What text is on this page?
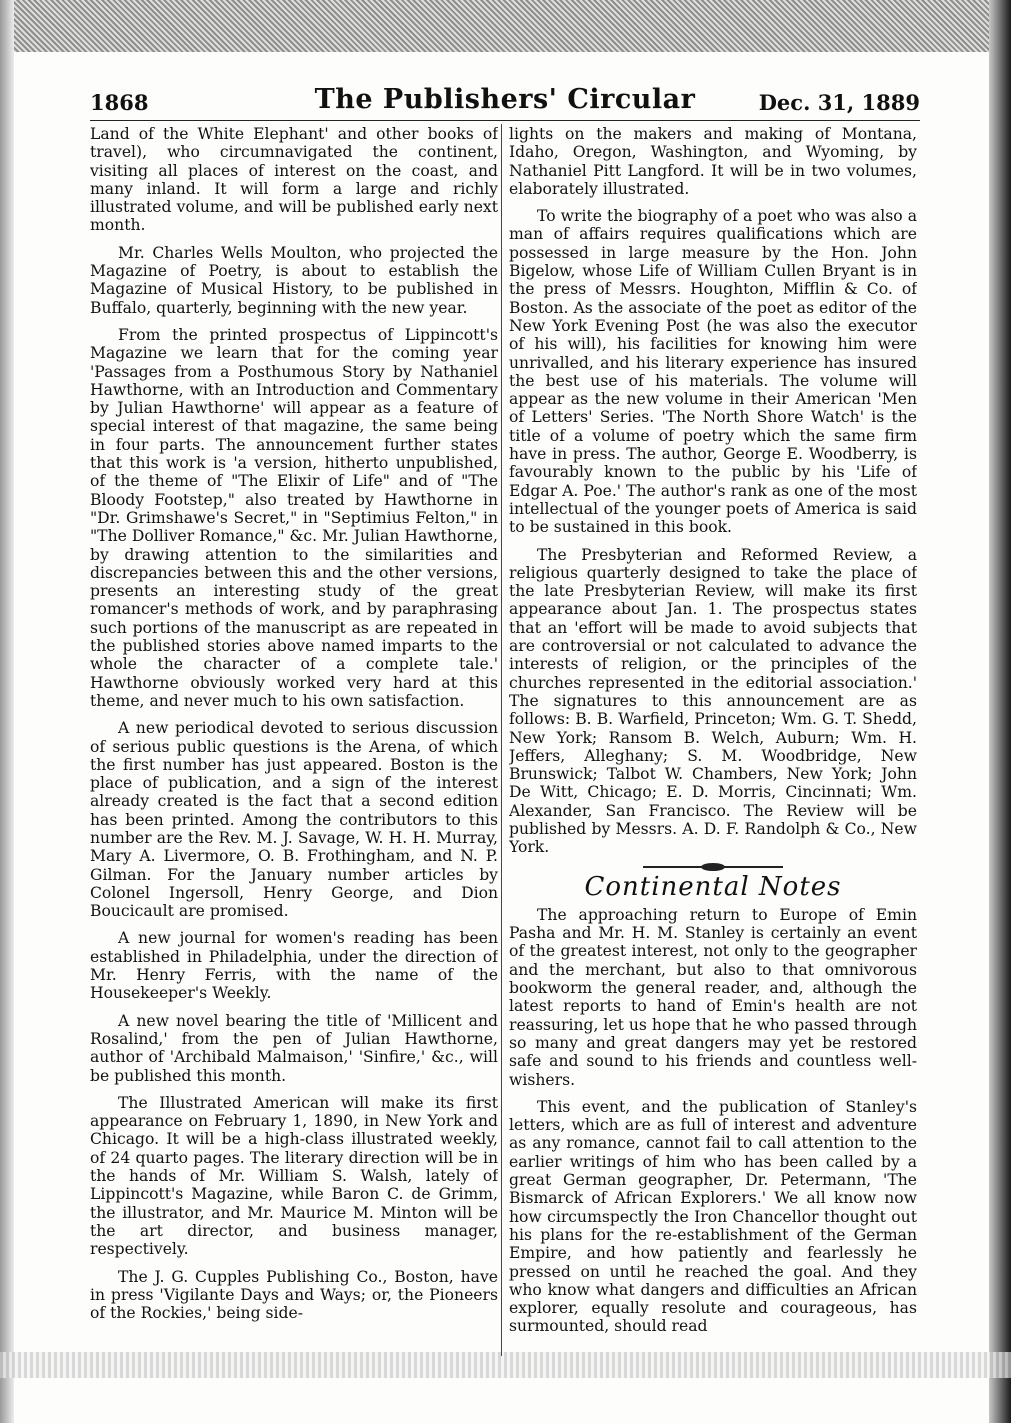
1868	The Publishers' Circular	Dec. 31, 1889

Land of the White Elephant' and other books of travel), who circumnavigated the continent, visiting all places of interest on the coast, and many inland. It will form a large and richly illustrated volume, and will be published early next month.

Mr. Charles Wells Moulton, who projected the Magazine of Poetry, is about to establish the Magazine of Musical History, to be published in Buffalo, quarterly, beginning with the new year.

From the printed prospectus of Lippincott's Magazine we learn that for the coming year 'Passages from a Posthumous Story by Nathaniel Hawthorne, with an Introduction and Commentary by Julian Hawthorne' will appear as a feature of special interest of that magazine, the same being in four parts. The announcement further states that this work is 'a version, hitherto unpublished, of the theme of "The Elixir of Life" and of "The Bloody Footstep," also treated by Hawthorne in "Dr. Grimshawe's Secret," in "Septimius Felton," in "The Dolliver Romance," &c. Mr. Julian Hawthorne, by drawing attention to the similarities and discrepancies between this and the other versions, presents an interesting study of the great romancer's methods of work, and by paraphrasing such portions of the manuscript as are repeated in the published stories above named imparts to the whole the character of a complete tale.' Hawthorne obviously worked very hard at this theme, and never much to his own satisfaction.

A new periodical devoted to serious discussion of serious public questions is the Arena, of which the first number has just appeared. Boston is the place of publication, and a sign of the interest already created is the fact that a second edition has been printed. Among the contributors to this number are the Rev. M. J. Savage, W. H. H. Murray, Mary A. Livermore, O. B. Frothingham, and N. P. Gilman. For the January number articles by Colonel Ingersoll, Henry George, and Dion Boucicault are promised.

A new journal for women's reading has been established in Philadelphia, under the direction of Mr. Henry Ferris, with the name of the Housekeeper's Weekly.

A new novel bearing the title of 'Millicent and Rosalind,' from the pen of Julian Hawthorne, author of 'Archibald Malmaison,' 'Sinfire,' &c., will be published this month.

The Illustrated American will make its first appearance on February 1, 1890, in New York and Chicago. It will be a high-class illustrated weekly, of 24 quarto pages. The literary direction will be in the hands of Mr. William S. Walsh, lately of Lippincott's Magazine, while Baron C. de Grimm, the illustrator, and Mr. Maurice M. Minton will be the art director, and business manager, respectively.

The J. G. Cupples Publishing Co., Boston, have in press 'Vigilante Days and Ways; or, the Pioneers of the Rockies,' being side-

lights on the makers and making of Montana, Idaho, Oregon, Washington, and Wyoming, by Nathaniel Pitt Langford. It will be in two volumes, elaborately illustrated.

To write the biography of a poet who was also a man of affairs requires qualifications which are possessed in large measure by the Hon. John Bigelow, whose Life of William Cullen Bryant is in the press of Messrs. Houghton, Mifflin & Co. of Boston. As the associate of the poet as editor of the New York Evening Post (he was also the executor of his will), his facilities for knowing him were unrivalled, and his literary experience has insured the best use of his materials. The volume will appear as the new volume in their American 'Men of Letters' Series. 'The North Shore Watch' is the title of a volume of poetry which the same firm have in press. The author, George E. Woodberry, is favourably known to the public by his 'Life of Edgar A. Poe.' The author's rank as one of the most intellectual of the younger poets of America is said to be sustained in this book.

The Presbyterian and Reformed Review, a religious quarterly designed to take the place of the late Presbyterian Review, will make its first appearance about Jan. 1. The prospectus states that an 'effort will be made to avoid subjects that are controversial or not calculated to advance the interests of religion, or the principles of the churches represented in the editorial association.' The signatures to this announcement are as follows: B. B. Warfield, Princeton; Wm. G. T. Shedd, New York; Ransom B. Welch, Auburn; Wm. H. Jeffers, Alleghany; S. M. Woodbridge, New Brunswick; Talbot W. Chambers, New York; John De Witt, Chicago; E. D. Morris, Cincinnati; Wm. Alexander, San Francisco. The Review will be published by Messrs. A. D. F. Randolph & Co., New York.

Continental Notes

The approaching return to Europe of Emin Pasha and Mr. H. M. Stanley is certainly an event of the greatest interest, not only to the geographer and the merchant, but also to that omnivorous bookworm the general reader, and, although the latest reports to hand of Emin's health are not reassuring, let us hope that he who passed through so many and great dangers may yet be restored safe and sound to his friends and countless well-wishers.

This event, and the publication of Stanley's letters, which are as full of interest and adventure as any romance, cannot fail to call attention to the earlier writings of him who has been called by a great German geographer, Dr. Petermann, 'The Bismarck of African Explorers.' We all know now how circumspectly the Iron Chancellor thought out his plans for the re-establishment of the German Empire, and how patiently and fearlessly he pressed on until he reached the goal. And they who know what dangers and difficulties an African explorer, equally resolute and courageous, has surmounted, should read
